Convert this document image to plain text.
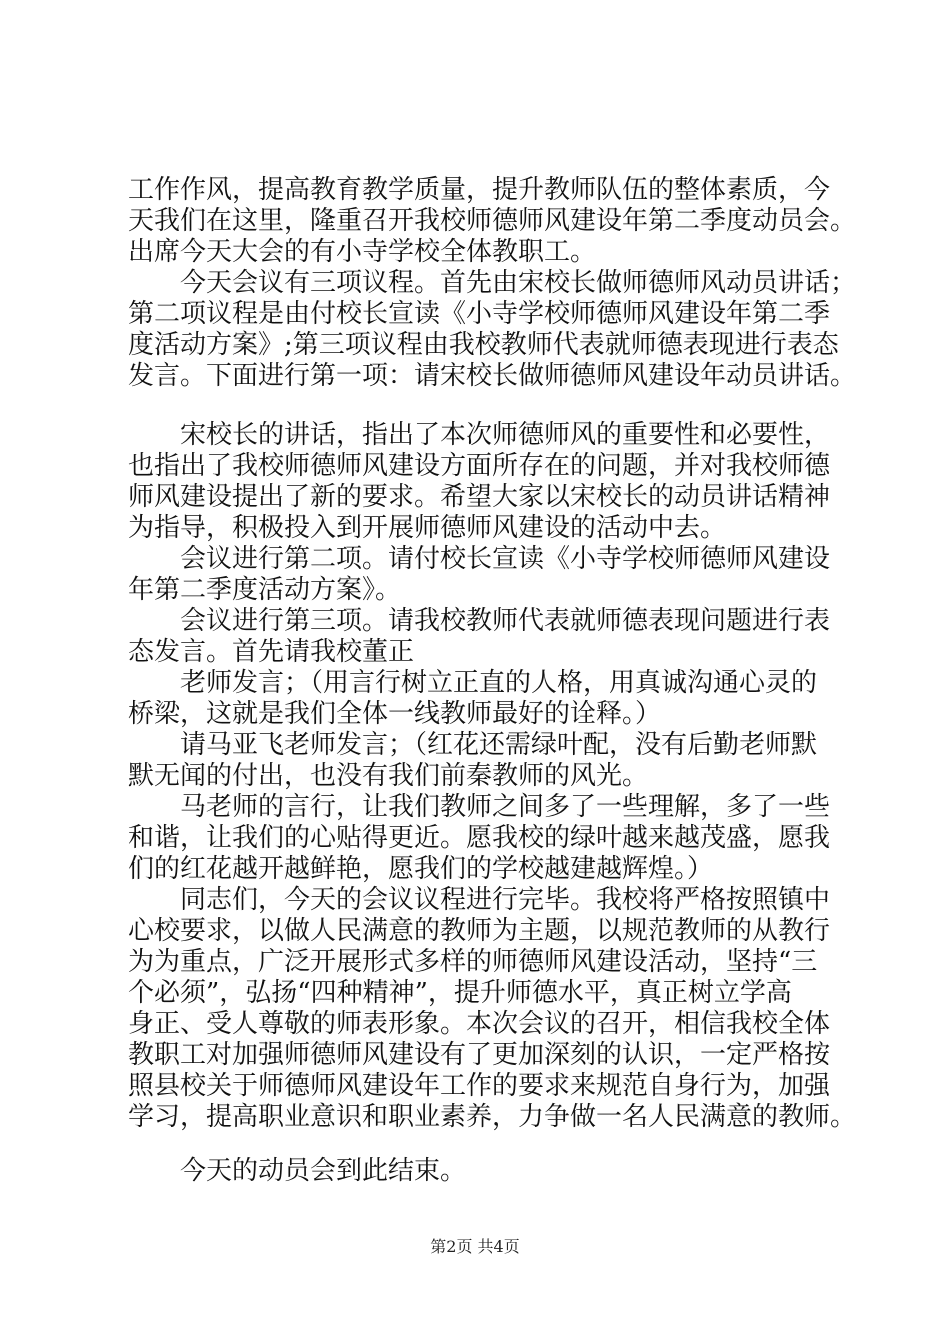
工作作风，提高教育教学质量，提升教师队伍的整体素质，今
天我们在这里，隆重召开我校师德师风建设年第二季度动员会。
出席今天大会的有小寺学校全体教职工。
今天会议有三项议程。首先由宋校长做师德师风动员讲话；
第二项议程是由付校长宣读《小寺学校师德师风建设年第二季
度活动方案》;第三项议程由我校教师代表就师德表现进行表态
发言。下面进行第一项：请宋校长做师德师风建设年动员讲话。
宋校长的讲话，指出了本次师德师风的重要性和必要性，
也指出了我校师德师风建设方面所存在的问题，并对我校师德
师风建设提出了新的要求。希望大家以宋校长的动员讲话精神
为指导，积极投入到开展师德师风建设的活动中去。
会议进行第二项。请付校长宣读《小寺学校师德师风建设
年第二季度活动方案》。
会议进行第三项。请我校教师代表就师德表现问题进行表
态发言。首先请我校董正
老师发言；（用言行树立正直的人格，用真诚沟通心灵的
桥梁，这就是我们全体一线教师最好的诠释。）
请马亚飞老师发言；（红花还需绿叶配，没有后勤老师默
默无闻的付出，也没有我们前秦教师的风光。
马老师的言行，让我们教师之间多了一些理解，多了一些
和谐，让我们的心贴得更近。愿我校的绿叶越来越茂盛，愿我
们的红花越开越鲜艳，愿我们的学校越建越辉煌。）
同志们，今天的会议议程进行完毕。我校将严格按照镇中
心校要求，以做人民满意的教师为主题，以规范教师的从教行
为为重点，广泛开展形式多样的师德师风建设活动，坚持“三
个必须”，弘扬“四种精神”，提升师德水平，真正树立学高
身正、受人尊敬的师表形象。本次会议的召开，相信我校全体
教职工对加强师德师风建设有了更加深刻的认识，一定严格按
照县校关于师德师风建设年工作的要求来规范自身行为，加强
学习，提高职业意识和职业素养，力争做一名人民满意的教师。
今天的动员会到此结束。
第2页 共4页
